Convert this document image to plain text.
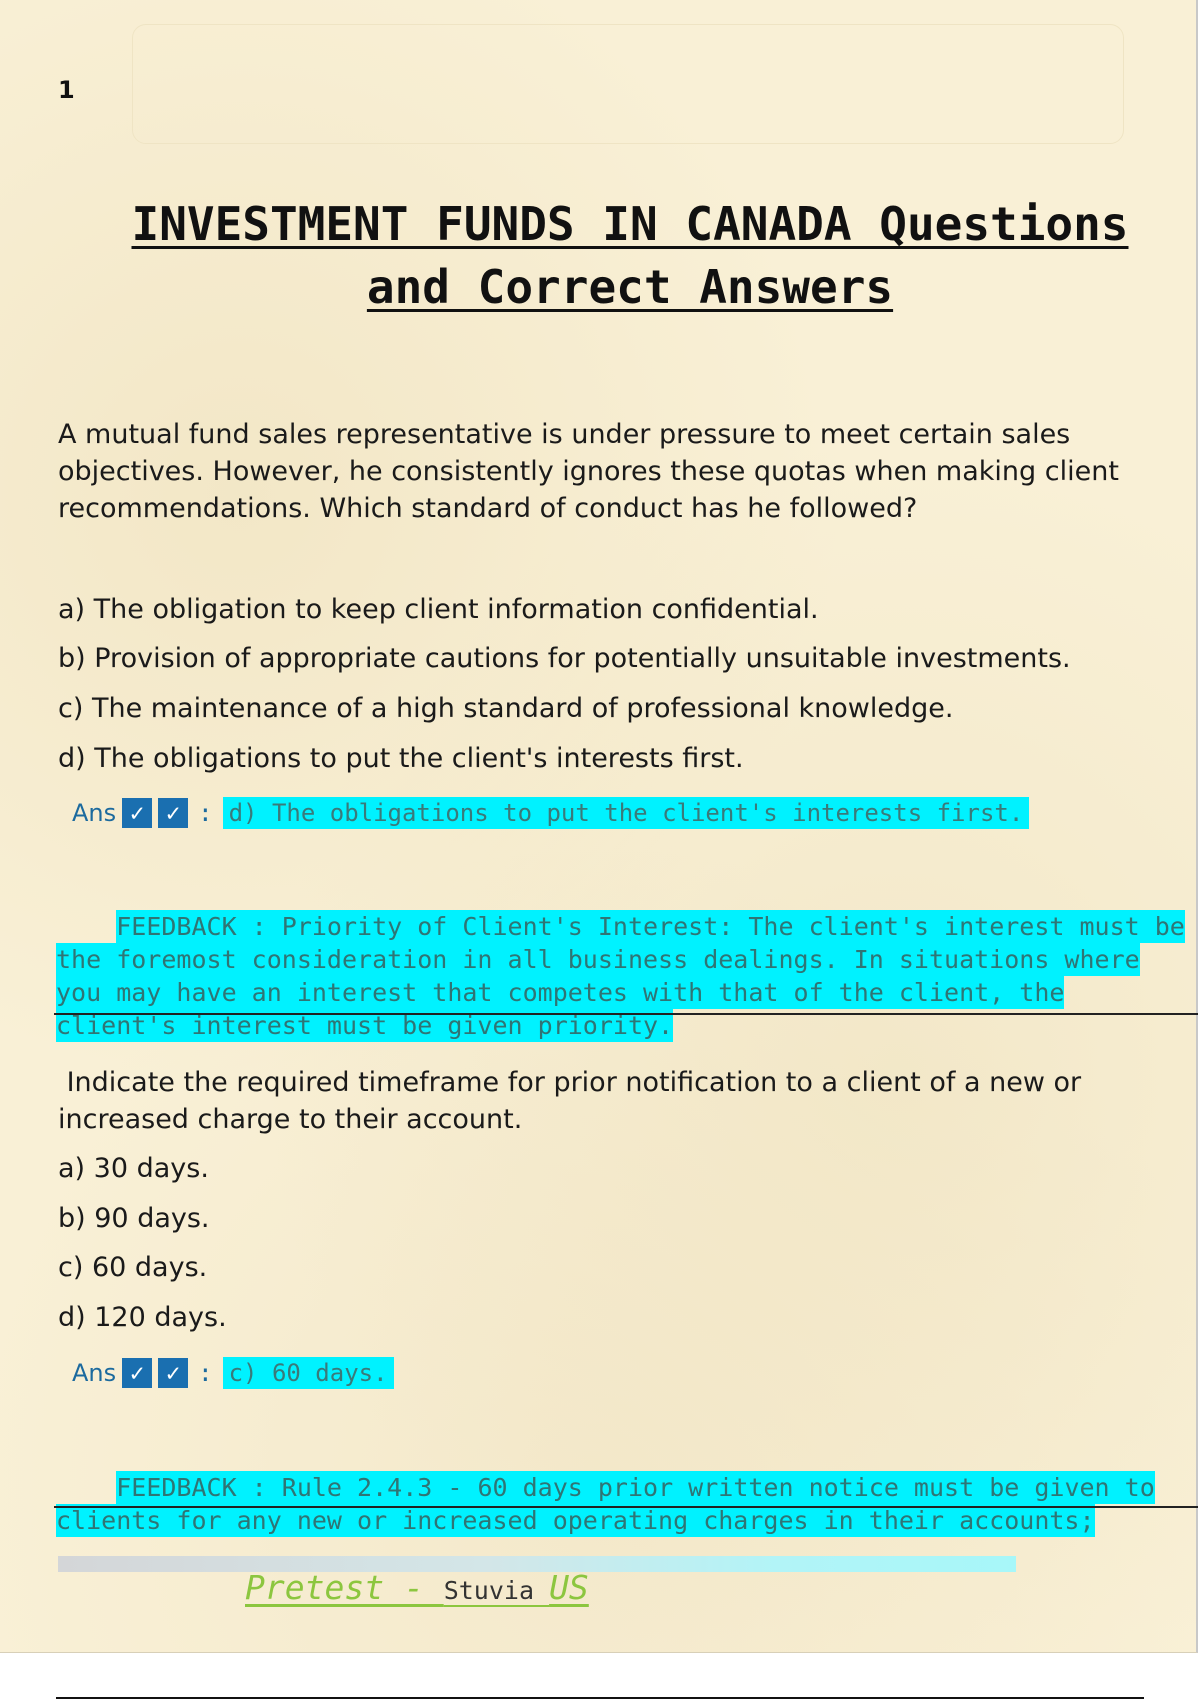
1
INVESTMENT FUNDS IN CANADA Questions
and Correct Answers
A mutual fund sales representative is under pressure to meet certain sales objectives. However, he consistently ignores these quotas when making client recommendations. Which standard of conduct has he followed?
a) The obligation to keep client information confidential.
b) Provision of appropriate cautions for potentially unsuitable investments.
c) The maintenance of a high standard of professional knowledge.
d) The obligations to put the client's interests first.
Ans ✓ ✓ : d) The obligations to put the client's interests first.

FEEDBACK : Priority of Client's Interest: The client's interest must be
the foremost consideration in all business dealings. In situations where
you may have an interest that competes with that of the client, the
client's interest must be given priority.

Indicate the required timeframe for prior notification to a client of a new or increased charge to their account.
a) 30 days.
b) 90 days.
c) 60 days.
d) 120 days.
Ans ✓ ✓ : c) 60 days.

FEEDBACK : Rule 2.4.3 - 60 days prior written notice must be given to
clients for any new or increased operating charges in their accounts;

Pretest - Stuvia US
